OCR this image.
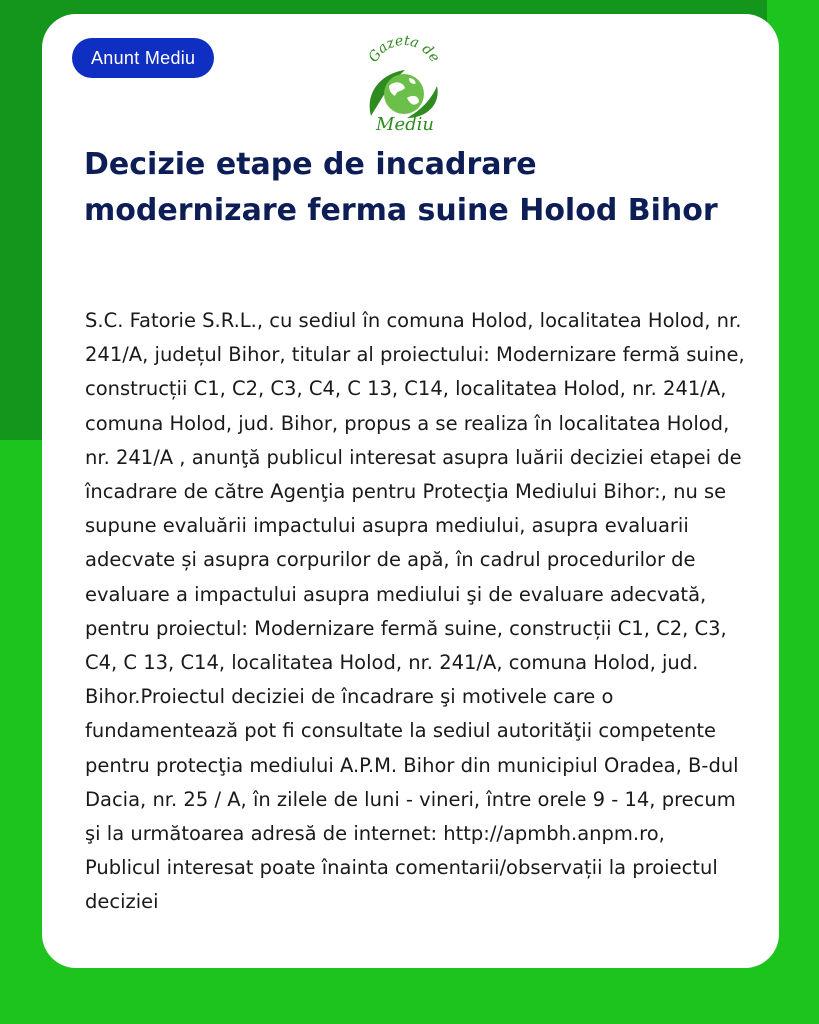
Anunt Mediu	Gazeta de
Mediu
Decizie etape de incadrare modernizare ferma suine Holod Bihor

S.C. Fatorie S.R.L., cu sediul în comuna Holod, localitatea Holod, nr. 241/A, județul Bihor, titular al proiectului: Modernizare fermă suine, construcții C1, C2, C3, C4, C 13, C14, localitatea Holod, nr. 241/A, comuna Holod, jud. Bihor, propus a se realiza în localitatea Holod, nr. 241/A , anunţă publicul interesat asupra luării deciziei etapei de încadrare de către Agenţia pentru Protecţia Mediului Bihor:, nu se supune evaluării impactului asupra mediului, asupra evaluarii adecvate și asupra corpurilor de apă, în cadrul procedurilor de evaluare a impactului asupra mediului şi de evaluare adecvată, pentru proiectul: Modernizare fermă suine, construcții C1, C2, C3, C4, C 13, C14, localitatea Holod, nr. 241/A, comuna Holod, jud. Bihor.Proiectul deciziei de încadrare şi motivele care o fundamentează pot fi consultate la sediul autorităţii competente pentru protecţia mediului A.P.M. Bihor din municipiul Oradea, B-dul Dacia, nr. 25 / A, în zilele de luni - vineri, între orele 9 - 14, precum şi la următoarea adresă de internet: http://apmbh.anpm.ro, Publicul interesat poate înainta comentarii/observații la proiectul deciziei
